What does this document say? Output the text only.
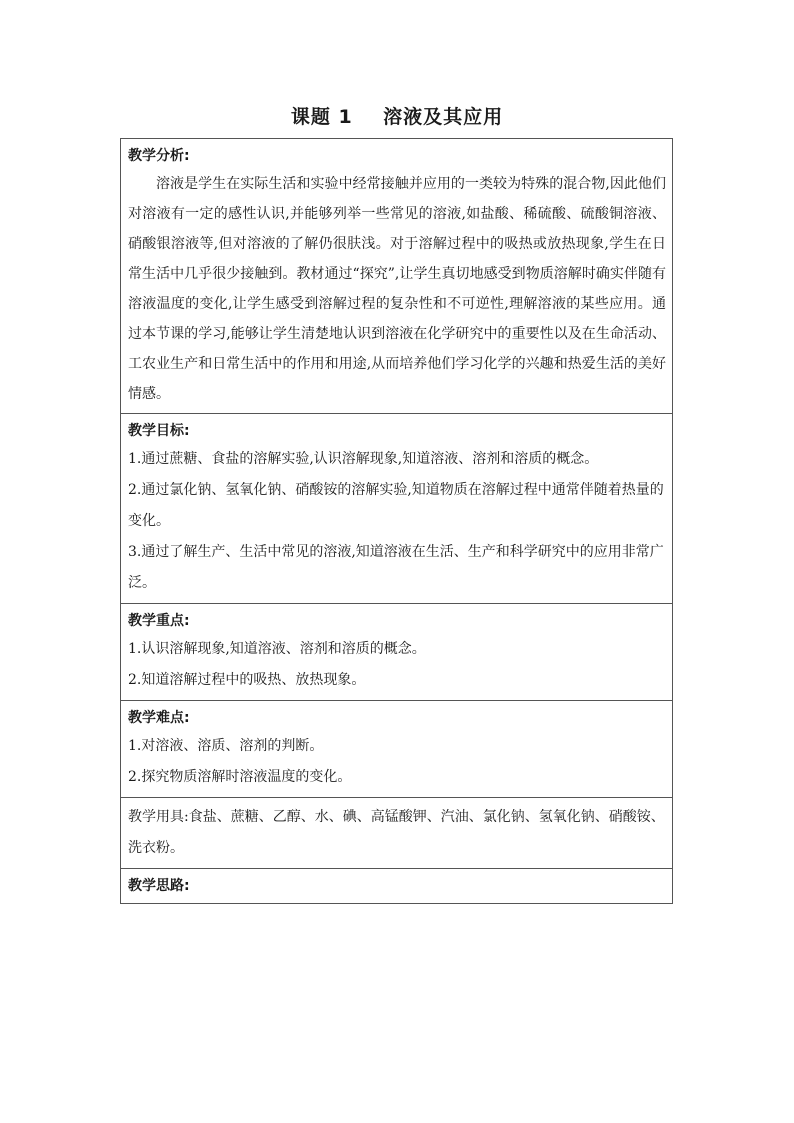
课题 1    溶液及其应用
教学分析:

溶液是学生在实际生活和实验中经常接触并应用的一类较为特殊的混合物,因此他们对溶液有一定的感性认识,并能够列举一些常见的溶液,如盐酸、稀硫酸、硫酸铜溶液、硝酸银溶液等,但对溶液的了解仍很肤浅。对于溶解过程中的吸热或放热现象,学生在日常生活中几乎很少接触到。教材通过“探究”,让学生真切地感受到物质溶解时确实伴随有溶液温度的变化,让学生感受到溶解过程的复杂性和不可逆性,理解溶液的某些应用。通过本节课的学习,能够让学生清楚地认识到溶液在化学研究中的重要性以及在生命活动、工农业生产和日常生活中的作用和用途,从而培养他们学习化学的兴趣和热爱生活的美好情感。

教学目标:

1.通过蔗糖、食盐的溶解实验,认识溶解现象,知道溶液、溶剂和溶质的概念。

2.通过氯化钠、氢氧化钠、硝酸铵的溶解实验,知道物质在溶解过程中通常伴随着热量的变化。

3.通过了解生产、生活中常见的溶液,知道溶液在生活、生产和科学研究中的应用非常广泛。

教学重点:

1.认识溶解现象,知道溶液、溶剂和溶质的概念。

2.知道溶解过程中的吸热、放热现象。

教学难点:

1.对溶液、溶质、溶剂的判断。

2.探究物质溶解时溶液温度的变化。

教学用具:食盐、蔗糖、乙醇、水、碘、高锰酸钾、汽油、氯化钠、氢氧化钠、硝酸铵、洗衣粉。

教学思路:
